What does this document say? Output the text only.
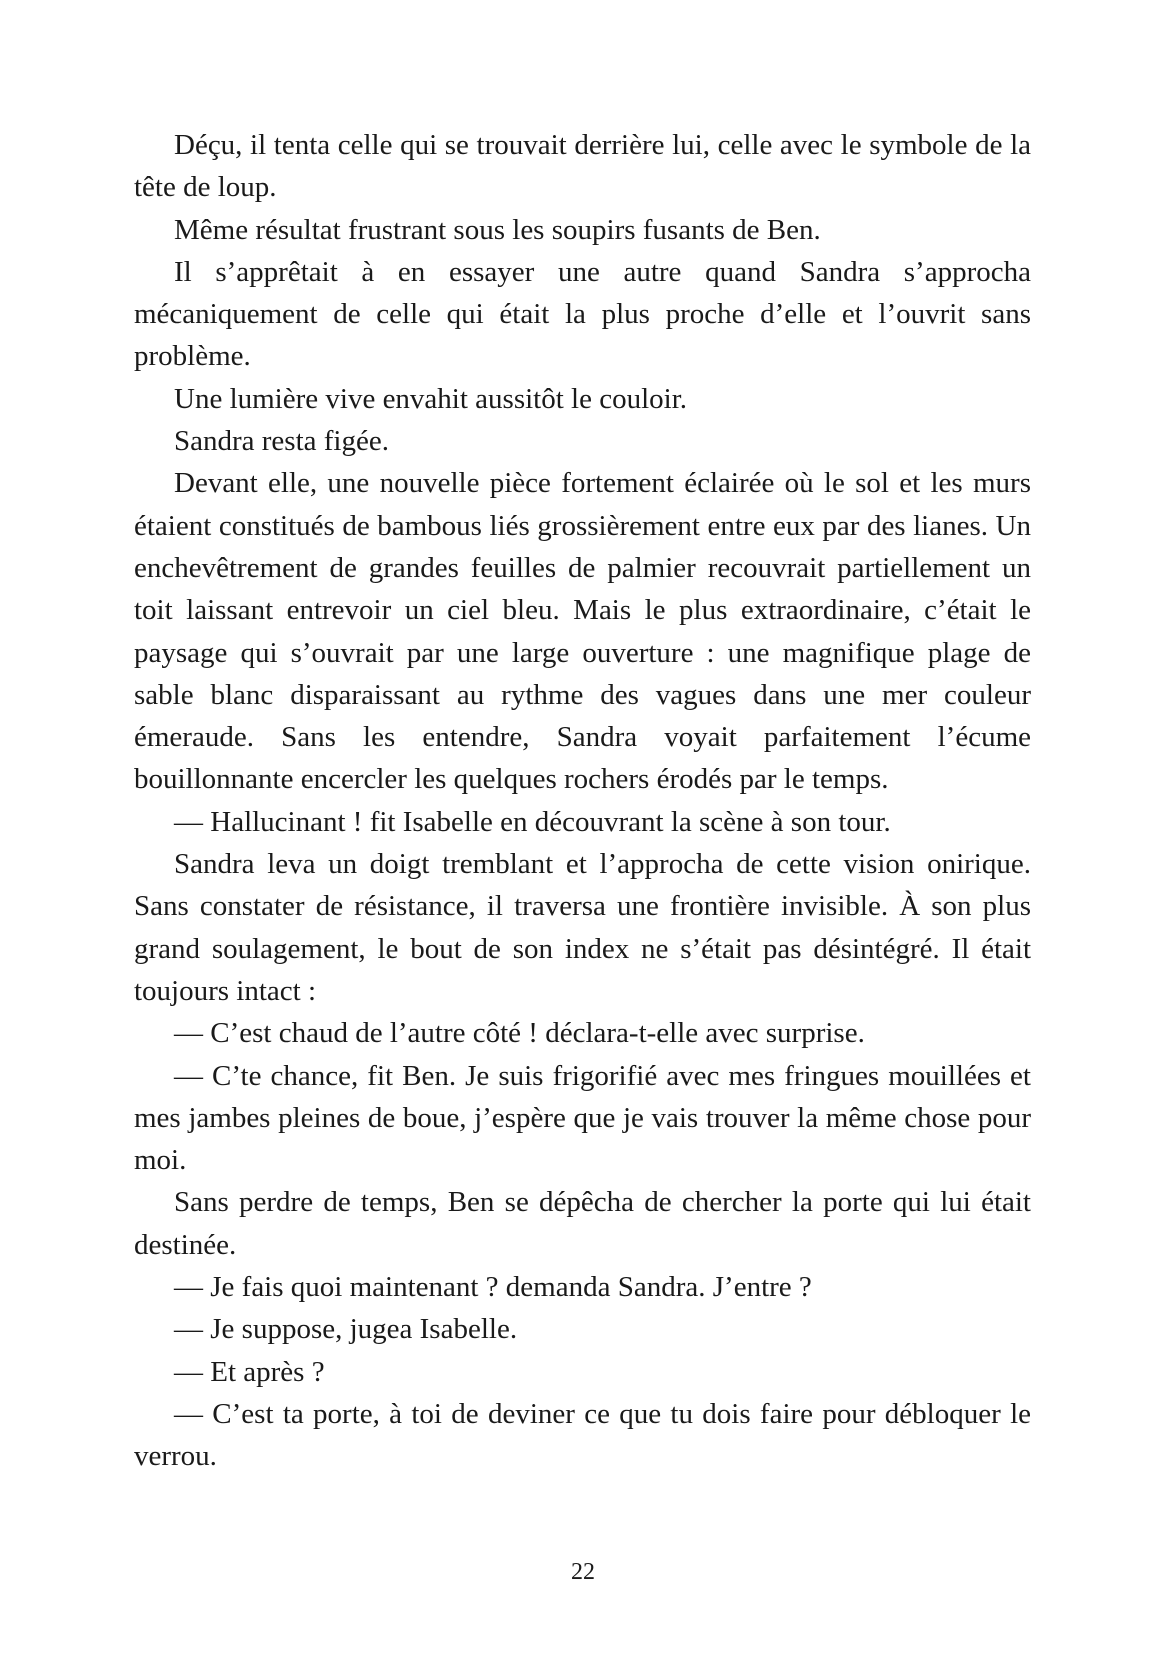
Déçu, il tenta celle qui se trouvait derrière lui, celle avec le symbole de la tête de loup.

Même résultat frustrant sous les soupirs fusants de Ben.

Il s’apprêtait à en essayer une autre quand Sandra s’approcha mécaniquement de celle qui était la plus proche d’elle et l’ouvrit sans problème.

Une lumière vive envahit aussitôt le couloir.

Sandra resta figée.

Devant elle, une nouvelle pièce fortement éclairée où le sol et les murs étaient constitués de bambous liés grossièrement entre eux par des lianes. Un enchevêtrement de grandes feuilles de palmier recouvrait partiellement un toit laissant entrevoir un ciel bleu. Mais le plus extraordinaire, c’était le paysage qui s’ouvrait par une large ouverture : une magnifique plage de sable blanc disparaissant au rythme des vagues dans une mer couleur émeraude. Sans les entendre, Sandra voyait parfaitement l’écume bouillonnante encercler les quelques rochers érodés par le temps.

— Hallucinant ! fit Isabelle en découvrant la scène à son tour.

Sandra leva un doigt tremblant et l’approcha de cette vision onirique. Sans constater de résistance, il traversa une frontière invisible. À son plus grand soulagement, le bout de son index ne s’était pas désintégré. Il était toujours intact :

— C’est chaud de l’autre côté ! déclara-t-elle avec surprise.

— C’te chance, fit Ben. Je suis frigorifié avec mes fringues mouillées et mes jambes pleines de boue, j’espère que je vais trouver la même chose pour moi.

Sans perdre de temps, Ben se dépêcha de chercher la porte qui lui était destinée.

— Je fais quoi maintenant ? demanda Sandra. J’entre ?

— Je suppose, jugea Isabelle.

— Et après ?

— C’est ta porte, à toi de deviner ce que tu dois faire pour débloquer le verrou.

22
